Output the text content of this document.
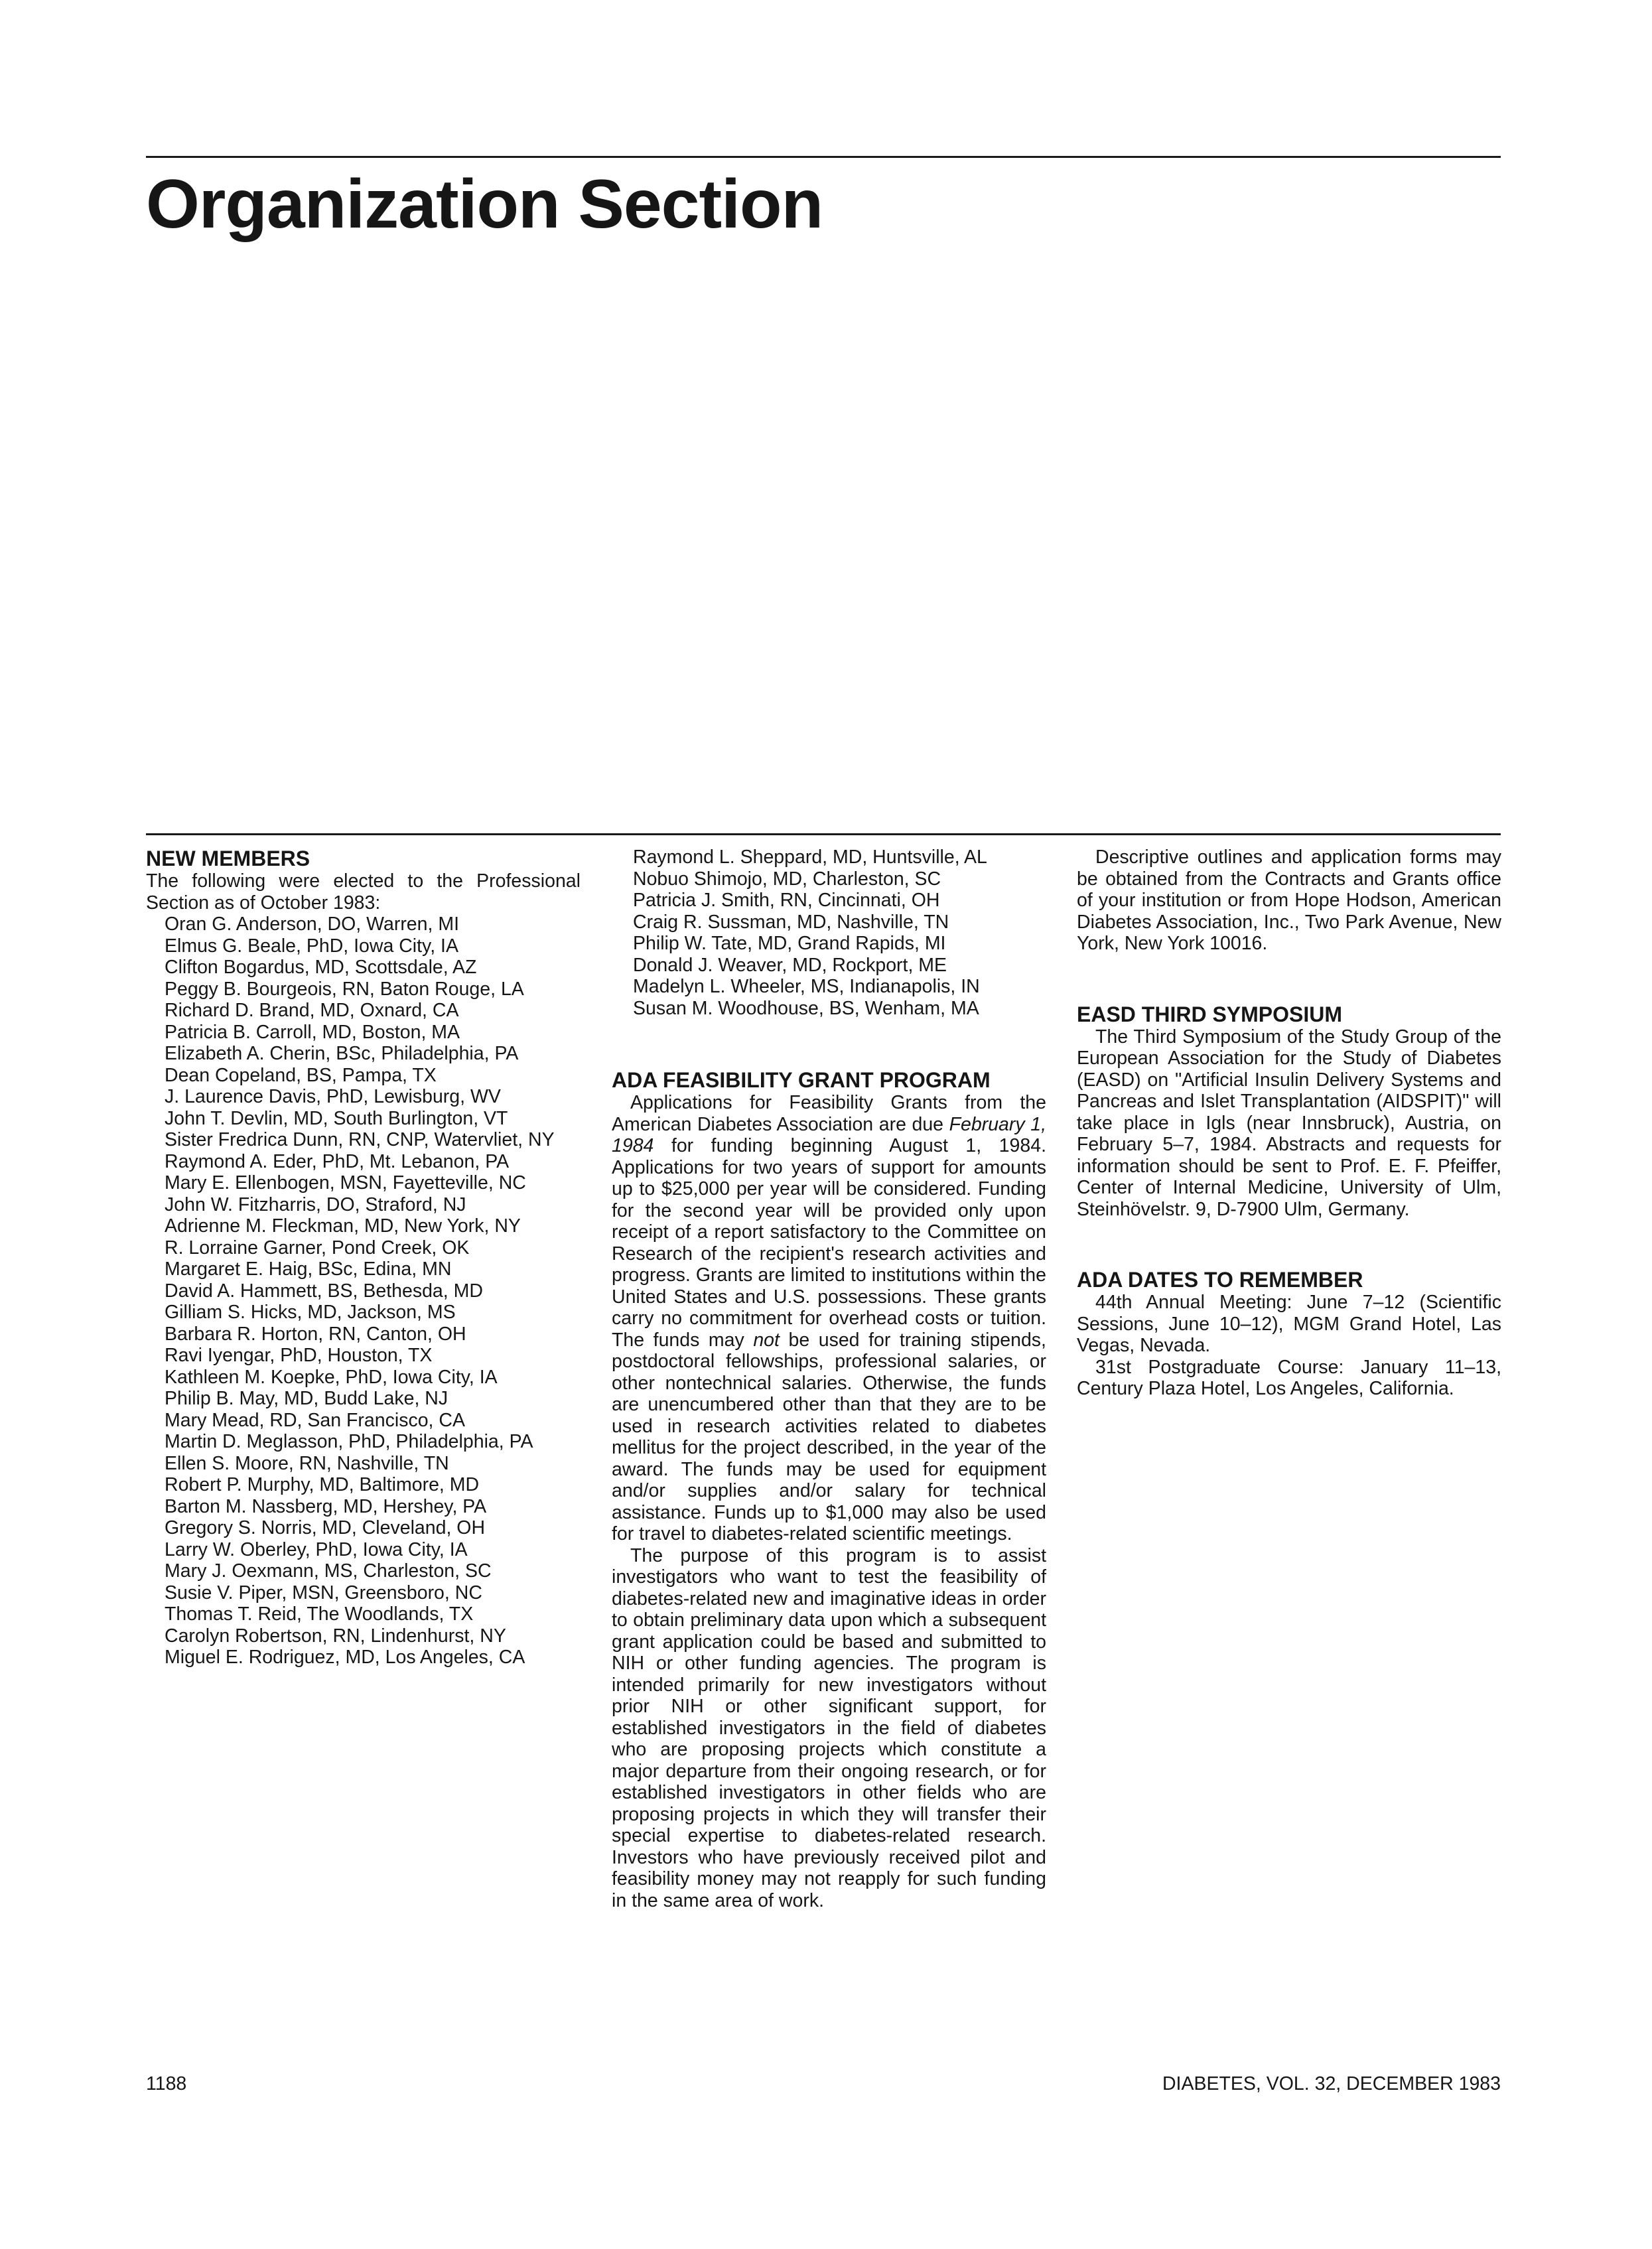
Organization Section
NEW MEMBERS

The following were elected to the Professional Section as of October 1983:

Oran G. Anderson, DO, Warren, MI
Elmus G. Beale, PhD, Iowa City, IA
Clifton Bogardus, MD, Scottsdale, AZ
Peggy B. Bourgeois, RN, Baton Rouge, LA
Richard D. Brand, MD, Oxnard, CA
Patricia B. Carroll, MD, Boston, MA
Elizabeth A. Cherin, BSc, Philadelphia, PA
Dean Copeland, BS, Pampa, TX
J. Laurence Davis, PhD, Lewisburg, WV
John T. Devlin, MD, South Burlington, VT
Sister Fredrica Dunn, RN, CNP, Watervliet, NY
Raymond A. Eder, PhD, Mt. Lebanon, PA
Mary E. Ellenbogen, MSN, Fayetteville, NC
John W. Fitzharris, DO, Straford, NJ
Adrienne M. Fleckman, MD, New York, NY
R. Lorraine Garner, Pond Creek, OK
Margaret E. Haig, BSc, Edina, MN
David A. Hammett, BS, Bethesda, MD
Gilliam S. Hicks, MD, Jackson, MS
Barbara R. Horton, RN, Canton, OH
Ravi Iyengar, PhD, Houston, TX
Kathleen M. Koepke, PhD, Iowa City, IA
Philip B. May, MD, Budd Lake, NJ
Mary Mead, RD, San Francisco, CA
Martin D. Meglasson, PhD, Philadelphia, PA
Ellen S. Moore, RN, Nashville, TN
Robert P. Murphy, MD, Baltimore, MD
Barton M. Nassberg, MD, Hershey, PA
Gregory S. Norris, MD, Cleveland, OH
Larry W. Oberley, PhD, Iowa City, IA
Mary J. Oexmann, MS, Charleston, SC
Susie V. Piper, MSN, Greensboro, NC
Thomas T. Reid, The Woodlands, TX
Carolyn Robertson, RN, Lindenhurst, NY
Miguel E. Rodriguez, MD, Los Angeles, CA
Raymond L. Sheppard, MD, Huntsville, AL
Nobuo Shimojo, MD, Charleston, SC
Patricia J. Smith, RN, Cincinnati, OH
Craig R. Sussman, MD, Nashville, TN
Philip W. Tate, MD, Grand Rapids, MI
Donald J. Weaver, MD, Rockport, ME
Madelyn L. Wheeler, MS, Indianapolis, IN
Susan M. Woodhouse, BS, Wenham, MA
ADA FEASIBILITY GRANT PROGRAM

Applications for Feasibility Grants from the American Diabetes Association are due February 1, 1984 for funding beginning August 1, 1984. Applications for two years of support for amounts up to $25,000 per year will be considered. Funding for the second year will be provided only upon receipt of a report satisfactory to the Committee on Research of the recipient's research activities and progress. Grants are limited to institutions within the United States and U.S. possessions. These grants carry no commitment for overhead costs or tuition. The funds may not be used for training stipends, postdoctoral fellowships, professional salaries, or other nontechnical salaries. Otherwise, the funds are unencumbered other than that they are to be used in research activities related to diabetes mellitus for the project described, in the year of the award. The funds may be used for equipment and/or supplies and/or salary for technical assistance. Funds up to $1,000 may also be used for travel to diabetes-related scientific meetings.

The purpose of this program is to assist investigators who want to test the feasibility of diabetes-related new and imaginative ideas in order to obtain preliminary data upon which a subsequent grant application could be based and submitted to NIH or other funding agencies. The program is intended primarily for new investigators without prior NIH or other significant support, for established investigators in the field of diabetes who are proposing projects which constitute a major departure from their ongoing research, or for established investigators in other fields who are proposing projects in which they will transfer their special expertise to diabetes-related research. Investors who have previously received pilot and feasibility money may not reapply for such funding in the same area of work.

Descriptive outlines and application forms may be obtained from the Contracts and Grants office of your institution or from Hope Hodson, American Diabetes Association, Inc., Two Park Avenue, New York, New York 10016.

EASD THIRD SYMPOSIUM

The Third Symposium of the Study Group of the European Association for the Study of Diabetes (EASD) on "Artificial Insulin Delivery Systems and Pancreas and Islet Transplantation (AIDSPIT)" will take place in Igls (near Innsbruck), Austria, on February 5–7, 1984. Abstracts and requests for information should be sent to Prof. E. F. Pfeiffer, Center of Internal Medicine, University of Ulm, Steinhövelstr. 9, D-7900 Ulm, Germany.

ADA DATES TO REMEMBER

44th Annual Meeting: June 7–12 (Scientific Sessions, June 10–12), MGM Grand Hotel, Las Vegas, Nevada.

31st Postgraduate Course: January 11–13, Century Plaza Hotel, Los Angeles, California.

1188	DIABETES, VOL. 32, DECEMBER 1983
